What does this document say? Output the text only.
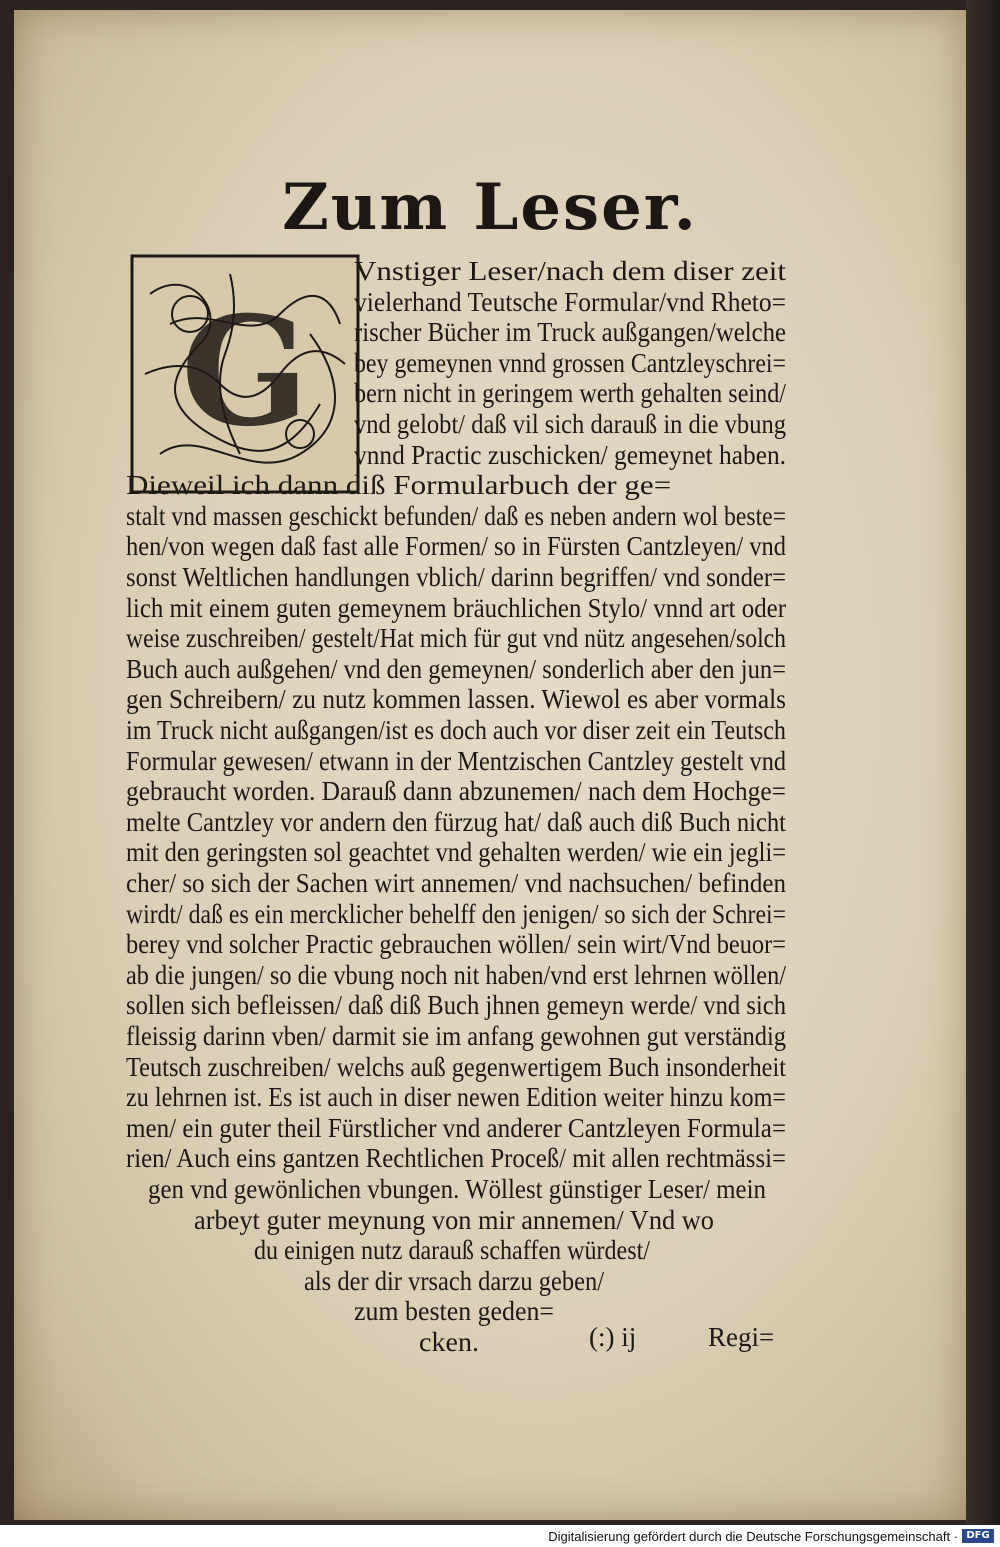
Zum Leser.
G
Vnstiger Leser/nach dem diser zeit
vielerhand Teutsche Formular/vnd Rheto=
rischer Bücher im Truck außgangen/welche
bey gemeynen vnnd grossen Cantzleyschrei=
bern nicht in geringem werth gehalten seind/
vnd gelobt/ daß vil sich darauß in die vbung
vnnd Practic zuschicken/ gemeynet haben.
Dieweil ich dann diß Formularbuch der ge=
stalt vnd massen geschickt befunden/ daß es neben andern wol beste=
hen/von wegen daß fast alle Formen/ so in Fürsten Cantzleyen/ vnd
sonst Weltlichen handlungen vblich/ darinn begriffen/ vnd sonder=
lich mit einem guten gemeynem bräuchlichen Stylo/ vnnd art oder
weise zuschreiben/ gestelt/Hat mich für gut vnd nütz angesehen/solch
Buch auch außgehen/ vnd den gemeynen/ sonderlich aber den jun=
gen Schreibern/ zu nutz kommen lassen. Wiewol es aber vormals
im Truck nicht außgangen/ist es doch auch vor diser zeit ein Teutsch
Formular gewesen/ etwann in der Mentzischen Cantzley gestelt vnd
gebraucht worden. Darauß dann abzunemen/ nach dem Hochge=
melte Cantzley vor andern den fürzug hat/ daß auch diß Buch nicht
mit den geringsten sol geachtet vnd gehalten werden/ wie ein jegli=
cher/ so sich der Sachen wirt annemen/ vnd nachsuchen/ befinden
wirdt/ daß es ein mercklicher behelff den jenigen/ so sich der Schrei=
berey vnd solcher Practic gebrauchen wöllen/ sein wirt/Vnd beuor=
ab die jungen/ so die vbung noch nit haben/vnd erst lehrnen wöllen/
sollen sich befleissen/ daß diß Buch jhnen gemeyn werde/ vnd sich
fleissig darinn vben/ darmit sie im anfang gewohnen gut verständig
Teutsch zuschreiben/ welchs auß gegenwertigem Buch insonderheit
zu lehrnen ist. Es ist auch in diser newen Edition weiter hinzu kom=
men/ ein guter theil Fürstlicher vnd anderer Cantzleyen Formula=
rien/ Auch eins gantzen Rechtlichen Proceß/ mit allen rechtmässi=
gen vnd gewönlichen vbungen. Wöllest günstiger Leser/ mein
arbeyt guter meynung von mir annemen/ Vnd wo
du einigen nutz darauß schaffen würdest/
als der dir vrsach darzu geben/
zum besten geden=
cken.	(:) ij	Regi=
Digitalisierung gefördert durch die Deutsche Forschungsgemeinschaft · DFG
